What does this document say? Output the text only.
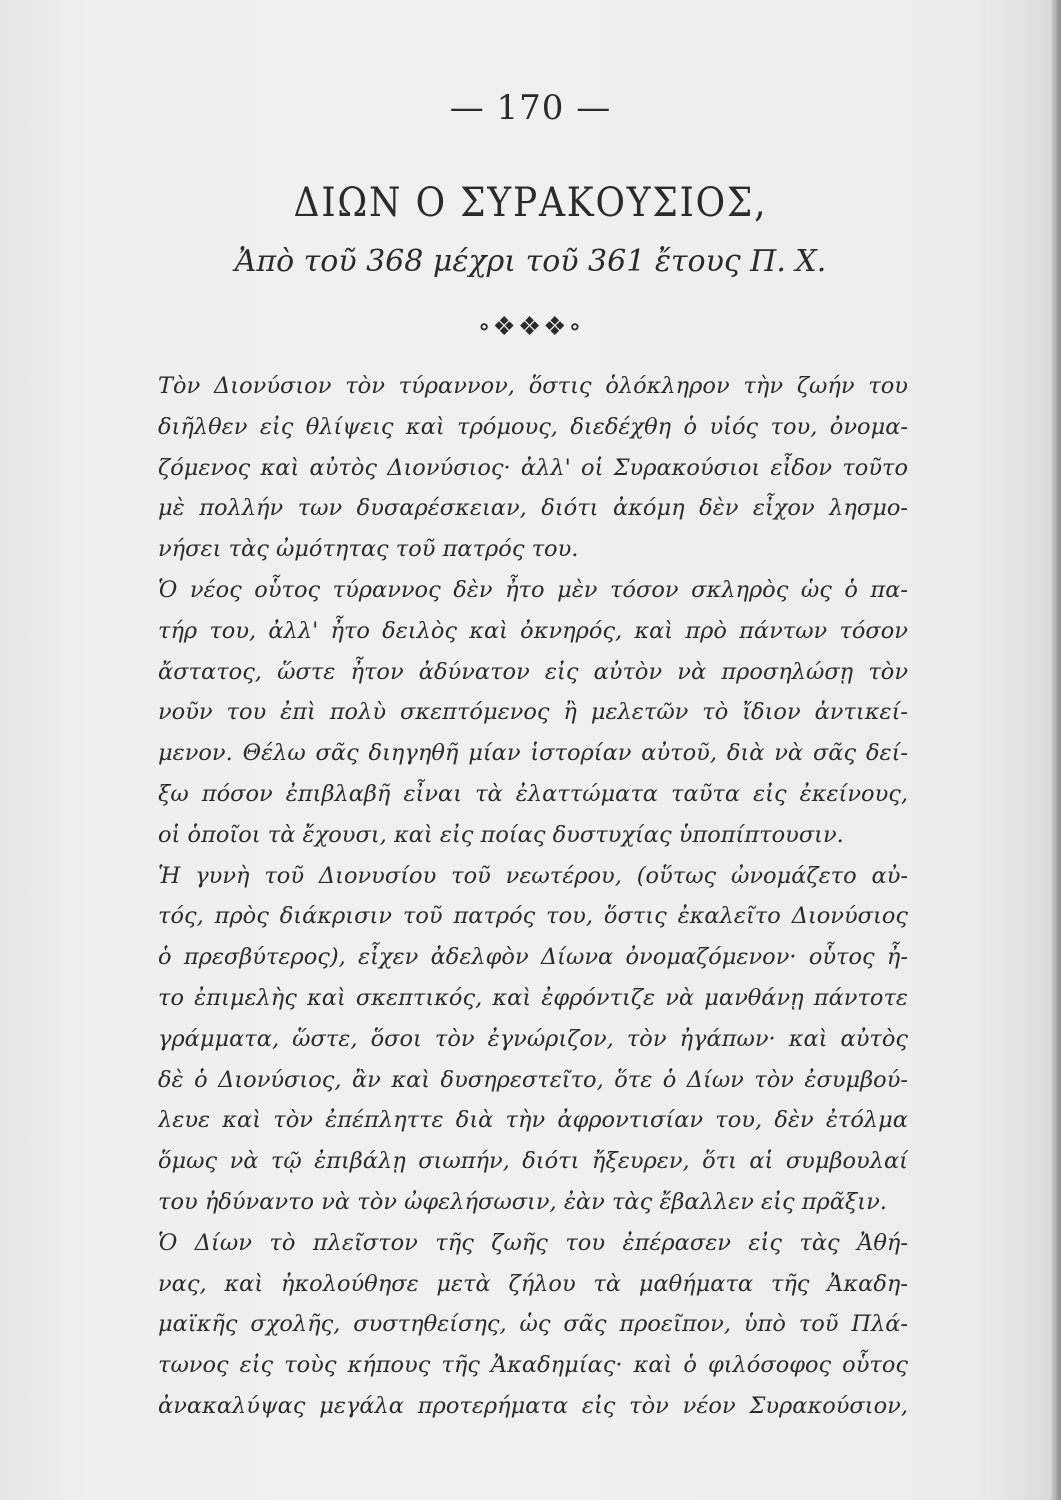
— 170 —
ΔΙΩΝ Ο ΣΥΡΑΚΟΥΣΙΟΣ,
Ἀπὸ τοῦ 368 μέχρι τοῦ 361 ἔτους Π. Χ.
∘❖❖❖∘
Τὸν Διονύσιον τὸν τύραννον, ὅστις ὁλόκληρον τὴν ζωήν του
διῆλθεν εἰς θλίψεις καὶ τρόμους, διεδέχθη ὁ υἱός του, ὀνομα-
ζόμενος καὶ αὐτὸς Διονύσιος· ἀλλ' οἱ Συρακούσιοι εἶδον τοῦτο
μὲ πολλήν των δυσαρέσκειαν, διότι ἀκόμη δὲν εἶχον λησμο-
νήσει τὰς ὠμότητας τοῦ πατρός του.
Ὁ νέος οὗτος τύραννος δὲν ἦτο μὲν τόσον σκληρὸς ὡς ὁ πα-
τήρ του, ἀλλ' ἦτο δειλὸς καὶ ὀκνηρός, καὶ πρὸ πάντων τόσον
ἄστατος, ὥστε ἦτον ἀδύνατον εἰς αὐτὸν νὰ προσηλώσῃ τὸν
νοῦν του ἐπὶ πολὺ σκεπτόμενος ἢ μελετῶν τὸ ἴδιον ἀντικεί-
μενον. Θέλω σᾶς διηγηθῆ μίαν ἱστορίαν αὐτοῦ, διὰ νὰ σᾶς δεί-
ξω πόσον ἐπιβλαβῆ εἶναι τὰ ἐλαττώματα ταῦτα εἰς ἐκείνους,
οἱ ὁποῖοι τὰ ἔχουσι, καὶ εἰς ποίας δυστυχίας ὑποπίπτουσιν.
Ἡ γυνὴ τοῦ Διονυσίου τοῦ νεωτέρου, (οὕτως ὠνομάζετο αὐ-
τός, πρὸς διάκρισιν τοῦ πατρός του, ὅστις ἐκαλεῖτο Διονύσιος
ὁ πρεσβύτερος), εἶχεν ἀδελφὸν Δίωνα ὀνομαζόμενον· οὗτος ἦ-
το ἐπιμελὴς καὶ σκεπτικός, καὶ ἐφρόντιζε νὰ μανθάνῃ πάντοτε
γράμματα, ὥστε, ὅσοι τὸν ἐγνώριζον, τὸν ἠγάπων· καὶ αὐτὸς
δὲ ὁ Διονύσιος, ἂν καὶ δυσηρεστεῖτο, ὅτε ὁ Δίων τὸν ἐσυμβού-
λευε καὶ τὸν ἐπέπληττε διὰ τὴν ἀφροντισίαν του, δὲν ἐτόλμα
ὅμως νὰ τῷ ἐπιβάλῃ σιωπήν, διότι ἤξευρεν, ὅτι αἱ συμβουλαί
του ἠδύναντο νὰ τὸν ὠφελήσωσιν, ἐὰν τὰς ἔβαλλεν εἰς πρᾶξιν.
Ὁ Δίων τὸ πλεῖστον τῆς ζωῆς του ἐπέρασεν εἰς τὰς Ἀθή-
νας, καὶ ἠκολούθησε μετὰ ζήλου τὰ μαθήματα τῆς Ἀκαδη-
μαϊκῆς σχολῆς, συστηθείσης, ὡς σᾶς προεῖπον, ὑπὸ τοῦ Πλά-
τωνος εἰς τοὺς κήπους τῆς Ἀκαδημίας· καὶ ὁ φιλόσοφος οὗτος
ἀνακαλύψας μεγάλα προτερήματα εἰς τὸν νέον Συρακούσιον,
